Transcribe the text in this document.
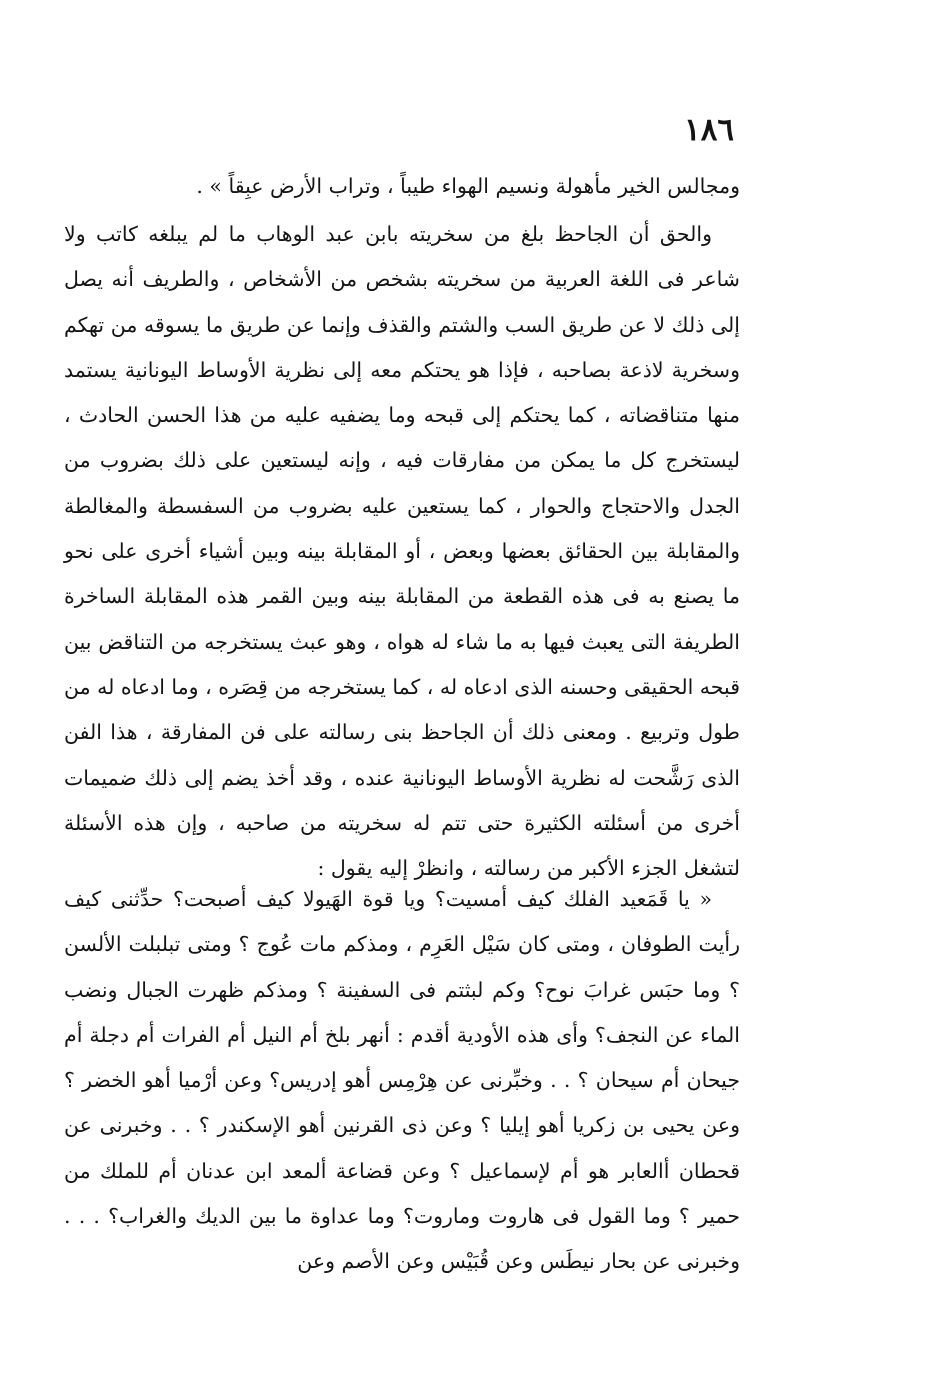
١٨٦

ومجالس الخير مأهولة ونسيم الهواء طيباً ، وتراب الأرض عبِقاً » .

والحق أن الجاحظ بلغ من سخريته بابن عبد الوهاب ما لم يبلغه كاتب ولا شاعر فى اللغة العربية من سخريته بشخص من الأشخاص ، والطريف أنه يصل إلى ذلك لا عن طريق السب والشتم والقذف وإنما عن طريق ما يسوقه من تهكم وسخرية لاذعة بصاحبه ، فإذا هو يحتكم معه إلى نظرية الأوساط اليونانية يستمد منها متناقضاته ، كما يحتكم إلى قبحه وما يضفيه عليه من هذا الحسن الحادث ، ليستخرج كل ما يمكن من مفارقات فيه ، وإنه ليستعين على ذلك بضروب من الجدل والاحتجاج والحوار ، كما يستعين عليه بضروب من السفسطة والمغالطة والمقابلة بين الحقائق بعضها وبعض ، أو المقابلة بينه وبين أشياء أخرى على نحو ما يصنع به فى هذه القطعة من المقابلة بينه وبين القمر هذه المقابلة الساخرة الطريفة التى يعبث فيها به ما شاء له هواه ، وهو عبث يستخرجه من التناقض بين قبحه الحقيقى وحسنه الذى ادعاه له ، كما يستخرجه من قِصَره ، وما ادعاه له من طول وتربيع . ومعنى ذلك أن الجاحظ بنى رسالته على فن المفارقة ، هذا الفن الذى رَشَّحت له نظرية الأوساط اليونانية عنده ، وقد أخذ يضم إلى ذلك ضميمات أخرى من أسئلته الكثيرة حتى تتم له سخريته من صاحبه ، وإن هذه الأسئلة لتشغل الجزء الأكبر من رسالته ، وانظرْ إليه يقول :

« يا قَمَعيد الفلك كيف أمسيت؟ ويا قوة الهَيولا كيف أصبحت؟ حدِّثنى كيف رأيت الطوفان ، ومتى كان سَيْل العَرِم ، ومذكم مات عُوج ؟ ومتى تبلبلت الألسن ؟ وما حبَس غرابَ نوح؟ وكم لبثتم فى السفينة ؟ ومذكم ظهرت الجبال ونضب الماء عن النجف؟ وأى هذه الأودية أقدم : أنهر بلخ أم النيل أم الفرات أم دجلة أم جيحان أم سيحان ؟ . . وخبِّرنى عن هِرْمِس أهو إدريس؟ وعن أرْميا أهو الخضر ؟ وعن يحيى بن زكريا أهو إيليا ؟ وعن ذى القرنين أهو الإسكندر ؟ . . وخبرنى عن قحطان أالعابر هو أم لإسماعيل ؟ وعن قضاعة ألمعد ابن عدنان أم للملك من حمير ؟ وما القول فى هاروت وماروت؟ وما عداوة ما بين الديك والغراب؟ . . . وخبرنى عن بحار نيطَس وعن قُبَيْس وعن الأصم وعن
